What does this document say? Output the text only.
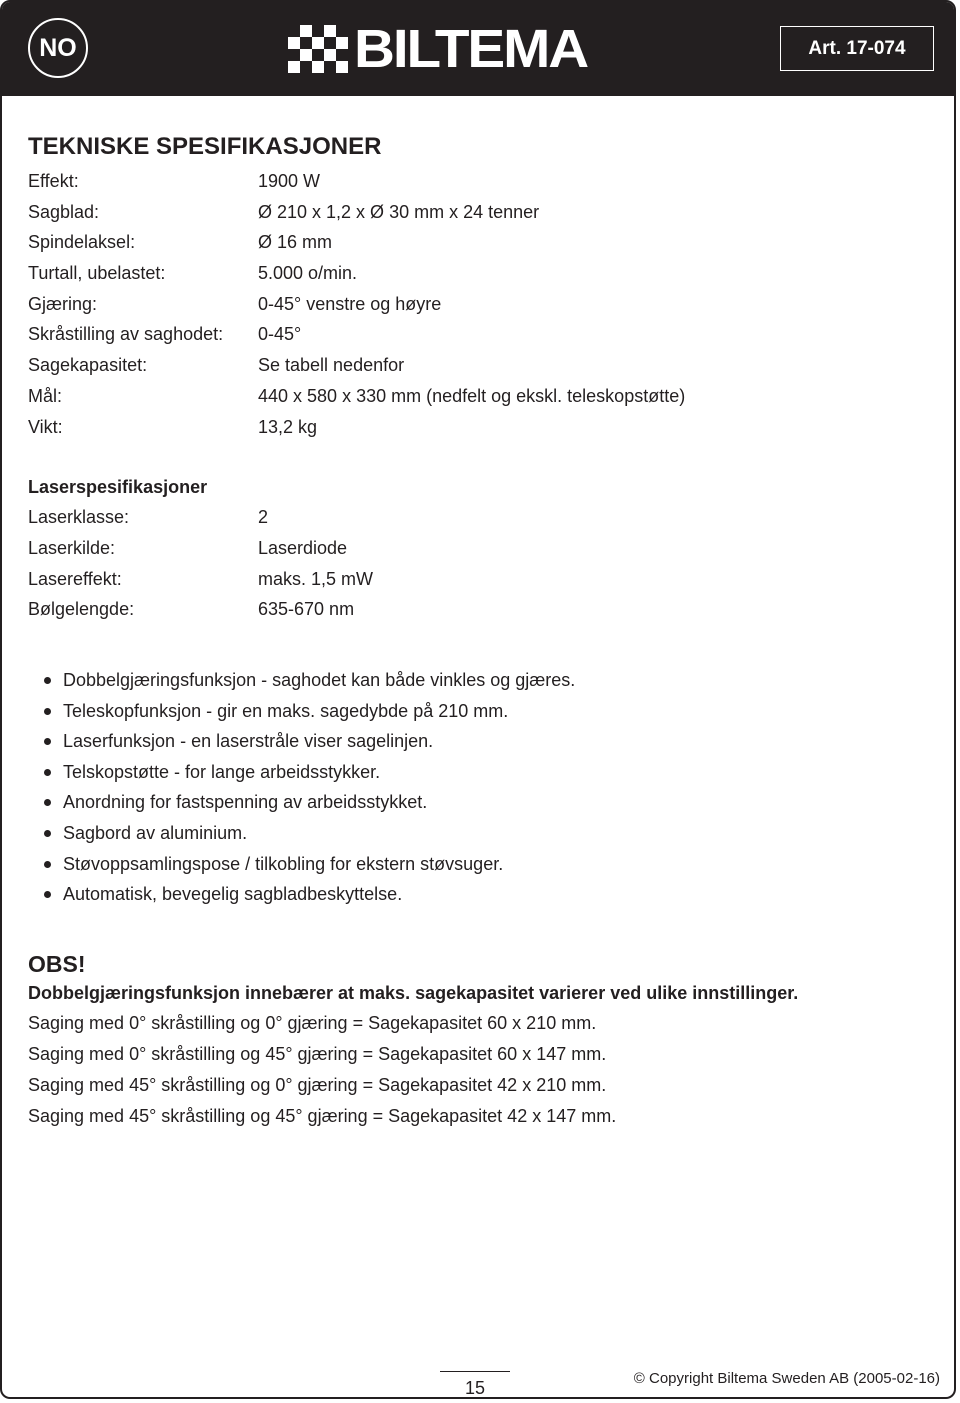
NO	BILTEMA	Art. 17-074
TEKNISKE SPESIFIKASJONER
Effekt:	1900 W
Sagblad:	Ø 210 x 1,2 x Ø 30 mm x 24 tenner
Spindelaksel:	Ø 16 mm
Turtall, ubelastet:	5.000 o/min.
Gjæring:	0-45° venstre og høyre
Skråstilling av saghodet:	0-45°
Sagekapasitet:	Se tabell nedenfor
Mål:	440 x 580 x 330 mm (nedfelt og ekskl. teleskopstøtte)
Vikt:	13,2 kg
Laserspesifikasjoner
Laserklasse:	2
Laserkilde:	Laserdiode
Lasereffekt:	maks. 1,5 mW
Bølgelengde:	635-670 nm
Dobbelgjæringsfunksjon - saghodet kan både vinkles og gjæres.
Teleskopfunksjon - gir en maks. sagedybde på 210 mm.
Laserfunksjon - en laserstråle viser sagelinjen.
Telskopstøtte - for lange arbeidsstykker.
Anordning for fastspenning av arbeidsstykket.
Sagbord av aluminium.
Støvoppsamlingspose / tilkobling for ekstern støvsuger.
Automatisk, bevegelig sagbladbeskyttelse.
OBS!
Dobbelgjæringsfunksjon innebærer at maks. sagekapasitet varierer ved ulike innstillinger.
Saging med 0° skråstilling og 0° gjæring = Sagekapasitet 60 x 210 mm.
Saging med 0° skråstilling og 45° gjæring = Sagekapasitet 60 x 147 mm.
Saging med 45° skråstilling og 0° gjæring = Sagekapasitet 42 x 210 mm.
Saging med 45° skråstilling og 45° gjæring = Sagekapasitet 42 x 147 mm.
15	© Copyright Biltema Sweden AB (2005-02-16)
